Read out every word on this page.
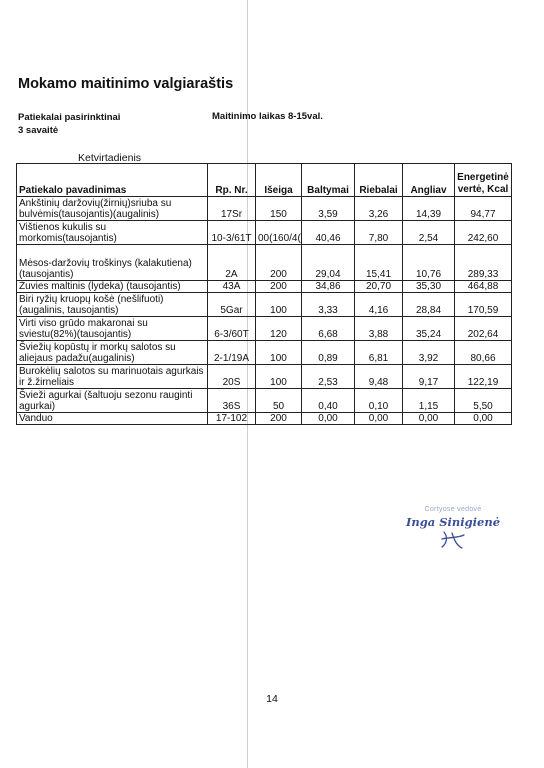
Mokamo maitinimo valgiaraštis
Patiekalai pasirinktinai
3 savaitė
Maitinimo laikas 8-15val.
Ketvirtadienis
Patiekalo pavadinimas	Rp. Nr.	Išeiga	Baltymai	Riebalai	Angliav	Energetinė
vertė, Kcal

Ankštinių daržovių(žirnių)sriuba su bulvėmis(tausojantis)(augalinis)	17Sr	150	3,59	3,26	14,39	94,77
Vištienos kukulis su morkomis(tausojantis)	10-3/61T	00(160/4(	40,46	7,80	2,54	242,60
Mėsos-daržovių troškinys (kalakutiena) (tausojantis)	2A	200	29,04	15,41	10,76	289,33
Žuvies maltinis (lydeka) (tausojantis)	43A	200	34,86	20,70	35,30	464,88
Biri ryžių kruopų košė (nešlifuoti)(augalinis, tausojantis)	5Gar	100	3,33	4,16	28,84	170,59
Virti viso grūdo makaronai su sviestu(82%)(tausojantis)	6-3/60T	120	6,68	3,88	35,24	202,64
Šviežių kopūstų ir morkų salotos su aliejaus padažu(augalinis)	2-1/19A	100	0,89	6,81	3,92	80,66
Burokėlių salotos su marinuotais agurkais ir ž.žirneliais	20S	100	2,53	9,48	9,17	122,19
Švieži agurkai (šaltuoju sezonu rauginti agurkai)	36S	50	0,40	0,10	1,15	5,50
Vanduo	17-102	200	0,00	0,00	0,00	0,00
Cortyose vėdovė
Inga Sinigienė
14
